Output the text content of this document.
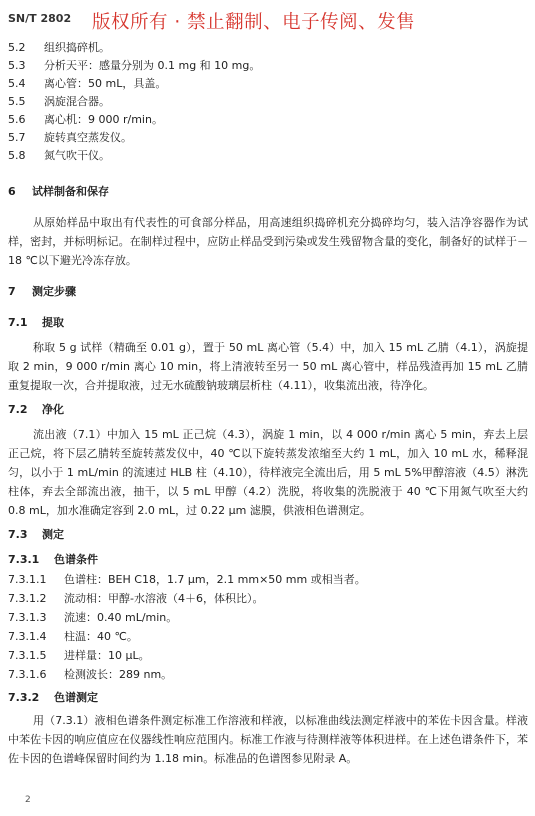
SN/T 2802 版权所有 · 禁止翻制、电子传阅、发售
5.2	组织捣碎机。
5.3	分析天平：感量分别为 0.1 mg 和 10 mg。
5.4	离心管：50 mL，具盖。
5.5	涡旋混合器。
5.6	离心机：9 000 r/min。
5.7	旋转真空蒸发仪。
5.8	氮气吹干仪。
6	试样制备和保存
从原始样品中取出有代表性的可食部分样品，用高速组织捣碎机充分捣碎均匀，装入洁净容器作为试样，密封，并标明标记。在制样过程中，应防止样品受到污染或发生残留物含量的变化，制备好的试样于－18 ℃以下避光冷冻存放。
7	测定步骤
7.1	提取
称取 5 g 试样（精确至 0.01 g），置于 50 mL 离心管（5.4）中，加入 15 mL 乙腈（4.1），涡旋提取 2 min，9 000 r/min 离心 10 min，将上清液转至另一 50 mL 离心管中，样品残渣再加 15 mL 乙腈重复提取一次，合并提取液，过无水硫酸钠玻璃层析柱（4.11），收集流出液，待净化。
7.2	净化
流出液（7.1）中加入 15 mL 正己烷（4.3），涡旋 1 min，以 4 000 r/min 离心 5 min，弃去上层正己烷，将下层乙腈转至旋转蒸发仪中，40 ℃以下旋转蒸发浓缩至大约 1 mL，加入 10 mL 水，稀释混匀，以小于 1 mL/min 的流速过 HLB 柱（4.10），待样液完全流出后，用 5 mL 5%甲醇溶液（4.5）淋洗柱体，弃去全部流出液，抽干，以 5 mL 甲醇（4.2）洗脱，将收集的洗脱液于 40 ℃下用氮气吹至大约 0.8 mL，加水准确定容到 2.0 mL，过 0.22 μm 滤膜，供液相色谱测定。
7.3	测定
7.3.1	色谱条件
7.3.1.1	色谱柱：BEH C18，1.7 μm，2.1 mm×50 mm 或相当者。
7.3.1.2	流动相：甲醇-水溶液（4＋6，体积比）。
7.3.1.3	流速：0.40 mL/min。
7.3.1.4	柱温：40 ℃。
7.3.1.5	进样量：10 μL。
7.3.1.6	检测波长：289 nm。
7.3.2	色谱测定
用（7.3.1）液相色谱条件测定标准工作溶液和样液，以标准曲线法测定样液中的苯佐卡因含量。样液中苯佐卡因的响应值应在仪器线性响应范围内。标准工作液与待测样液等体积进样。在上述色谱条件下，苯佐卡因的色谱峰保留时间约为 1.18 min。标准品的色谱图参见附录 A。
2
